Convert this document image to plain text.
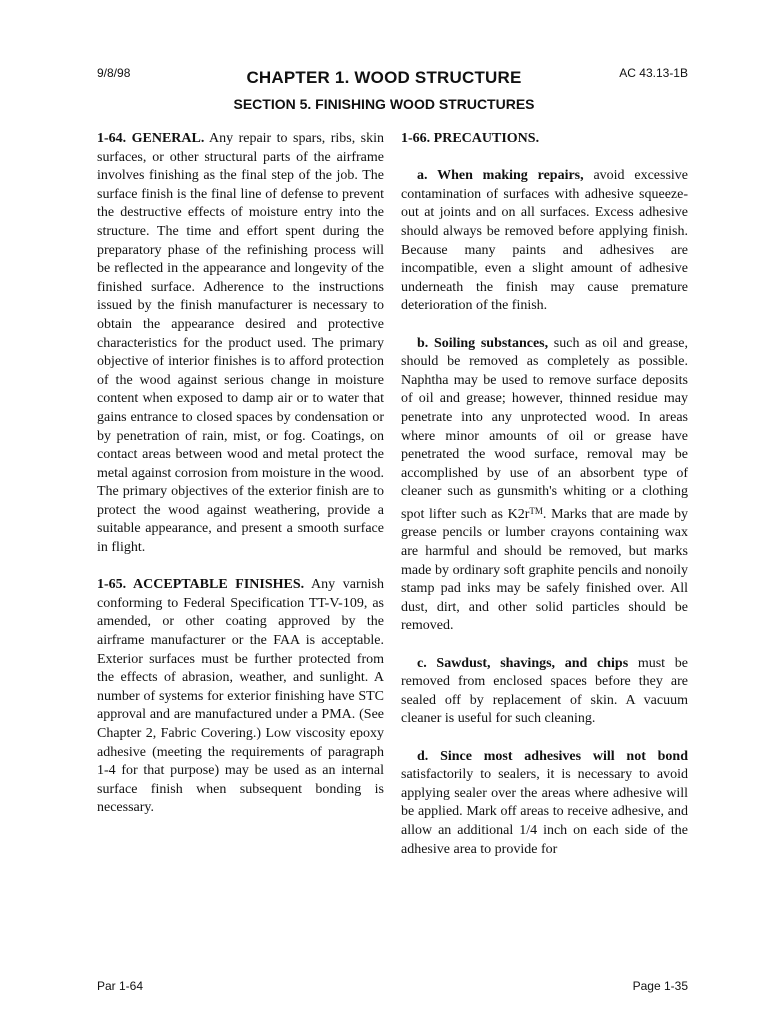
9/8/98	AC 43.13-1B
CHAPTER 1. WOOD STRUCTURE
SECTION 5. FINISHING WOOD STRUCTURES

1-64. GENERAL. Any repair to spars, ribs, skin surfaces, or other structural parts of the airframe involves finishing as the final step of the job. The surface finish is the final line of defense to prevent the destructive effects of moisture entry into the structure. The time and effort spent during the preparatory phase of the refinishing process will be reflected in the appearance and longevity of the finished surface. Adherence to the instructions issued by the finish manufacturer is necessary to obtain the appearance desired and protective characteristics for the product used. The primary objective of interior finishes is to afford protection of the wood against serious change in moisture content when exposed to damp air or to water that gains entrance to closed spaces by condensation or by penetration of rain, mist, or fog. Coatings, on contact areas between wood and metal protect the metal against corrosion from moisture in the wood. The primary objectives of the exterior finish are to protect the wood against weathering, provide a suitable appearance, and present a smooth surface in flight.

1-65. ACCEPTABLE FINISHES. Any varnish conforming to Federal Specification TT-V-109, as amended, or other coating approved by the airframe manufacturer or the FAA is acceptable. Exterior surfaces must be further protected from the effects of abrasion, weather, and sunlight. A number of systems for exterior finishing have STC approval and are manufactured under a PMA. (See Chapter 2, Fabric Covering.) Low viscosity epoxy adhesive (meeting the requirements of paragraph 1-4 for that purpose) may be used as an internal surface finish when subsequent bonding is necessary.

1-66. PRECAUTIONS.

a. When making repairs, avoid excessive contamination of surfaces with adhesive squeeze-out at joints and on all surfaces. Excess adhesive should always be removed before applying finish. Because many paints and adhesives are incompatible, even a slight amount of adhesive underneath the finish may cause premature deterioration of the finish.

b. Soiling substances, such as oil and grease, should be removed as completely as possible. Naphtha may be used to remove surface deposits of oil and grease; however, thinned residue may penetrate into any unprotected wood. In areas where minor amounts of oil or grease have penetrated the wood surface, removal may be accomplished by use of an absorbent type of cleaner such as gunsmith's whiting or a clothing spot lifter such as K2r™. Marks that are made by grease pencils or lumber crayons containing wax are harmful and should be removed, but marks made by ordinary soft graphite pencils and nonoily stamp pad inks may be safely finished over. All dust, dirt, and other solid particles should be removed.

c. Sawdust, shavings, and chips must be removed from enclosed spaces before they are sealed off by replacement of skin. A vacuum cleaner is useful for such cleaning.

d. Since most adhesives will not bond satisfactorily to sealers, it is necessary to avoid applying sealer over the areas where adhesive will be applied. Mark off areas to receive adhesive, and allow an additional 1/4 inch on each side of the adhesive area to provide for

Par 1-64	Page 1-35
